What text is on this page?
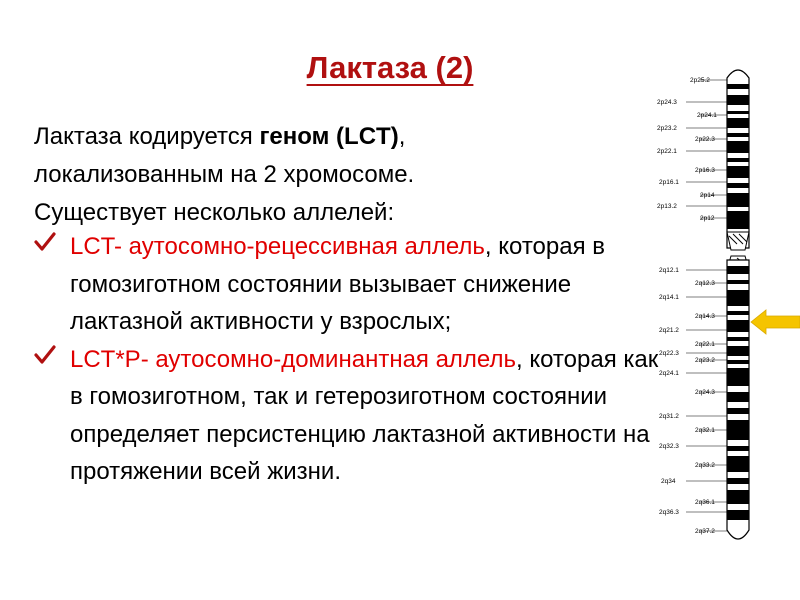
Лактаза (2)
Лактаза кодируется геном (LCT),
локализованным на 2 хромосоме.
Существует несколько аллелей:
LCT- аутосомно-рецессивная аллель, которая в гомозиготном состоянии вызывает снижение лактазной активности у взрослых;
LCT*P- аутосомно-доминантная аллель, которая как в гомозиготном, так и гетерозиготном состоянии определяет персистенцию лактазной активности на протяжении всей жизни.
2p24.3
2p23.2
2p22.1
2p16.1
2p13.2
2q12.1
2q14.1
2q21.2
2q22.3
2q24.1
2q31.2
2q32.3
2q34
2q36.3
2p25.2
2p24.1
2p22.3
2p16.3
2p14
2p12
2q12.3
2q14.3
2q22.1
2q23.2
2q24.3
2q32.1
2q33.2
2q36.1
2q37.2
